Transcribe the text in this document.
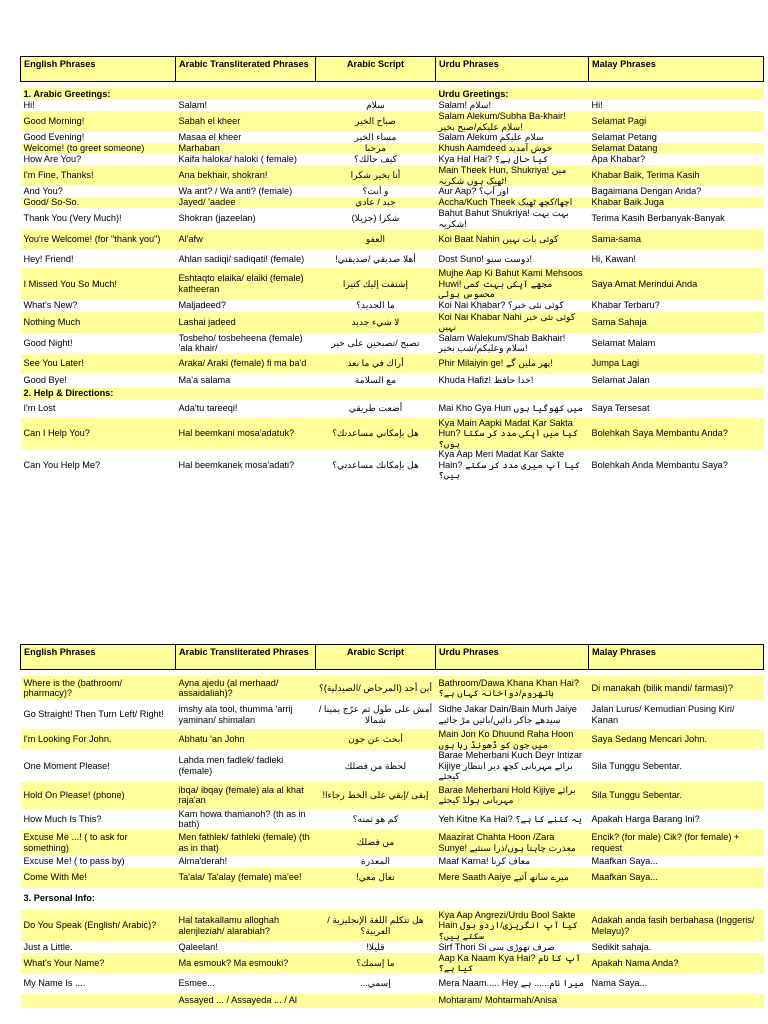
English Phrases	Arabic Transliterated Phrases	Arabic Script	Urdu Phrases	Malay Phrases

1. Arabic Greetings:			Urdu Greetings:	
Hi!	Salam!	سلام	Salam! سلام!	Hi!
Good Morning!	Sabah el kheer	صباح الخير	Salam Alekum/Subha Ba-khair! سلام علیکم/صبح بخیر!	Selamat Pagi
Good Evening!	Masaa el kheer	مساء الخير	Salam Alekum سلام علیکم	Selamat Petang
Welcome! (to greet someone)	Marhaban	مرحبا	Khush Aamdeed خوش آمدید	Selamat Datang
How Are You?	Kaifa haloka/ haloki ( female)	كيف حالك؟	Kya Hal Hai? کیا حال ہے؟	Apa Khabar?
I'm Fine, Thanks!	Ana bekhair, shokran!	أنا بخير شكرا	Main Theek Hun, Shukriya! میں ٹھیک ہوں شکریہ!	Khabar Baik, Terima Kasih
And You?	Wa ant? / Wa anti? (female)	و أنت؟	Aur Aap? اور آپ؟	Bagaimana Dengan Anda?
Good/ So-So.	Jayed/ 'aadee	جيد / عادي	Accha/Kuch Theek اچھا/کچھ ٹھیک	Khabar Baik Juga
Thank You (Very Much)!	Shokran (jazeelan)	شكرا (جزيلا)	Bahut Bahut Shukriya! بہت بہت شکریہ!	Terima Kasih Berbanyak-Banyak
You're Welcome! (for "thank you")	Al'afw	العفو	Koi Baat Nahin کوئی بات نہیں	Sama-sama
Hey! Friend!	Ahlan sadiqi/ sadiqati! (female)	أهلا صديقي /صديقتي!	Dost Suno! دوست سنو!	Hi, Kawan!
I Missed You So Much!	Eshtaqto elaika/ elaiki (female) katheeran	إشتقت إليك كثيرا	Mujhe Aap Ki Bahut Kami Mehsoos Huwi! مجھے آپکی بہت کمی محسوس ہوئی	Saya Amat Merindui Anda
What's New?	Maljadeed?	ما الجديد؟	Koi Nai Khabar? کوئی نئی خبر؟	Khabar Terbaru?
Nothing Much	Lashai jadeed	لا شيء جديد	Koi Nai Khabar Nahi کوئی نئی خبر نہیں	Sama Sahaja
Good Night!	Tosbeho/ tosbeheena (female) 'ala khair/	تصبح /تصبحين على خير	Salam Walekum/Shab Bakhair! سلام وعلیکم/شب بخیر!	Selamat Malam
See You Later!	Araka/ Araki (female) fi ma ba'd	أراك في ما بعد	Phir Milaiyin ge! پھر ملیں گے!	Jumpa Lagi
Good Bye!	Ma'a salama	مع السلامة	Khuda Hafiz! خدا حافظ!	Selamat Jalan
2. Help & Directions:				
I'm Lost	Ada'tu tareeqi!	أضعت طريقي	Mai Kho Gya Hun میں کھوگیا ہوں	Saya Tersesat
Can I Help You?	Hal beemkani mosa'adatuk?	هل بإمكاني مساعدتك؟	Kya Main Aapki Madat Kar Sakta Hun? کیا میں آپکی مدد کر سکتا ہوں؟	Bolehkah Saya Membantu Anda?
Can You Help Me?	Hal beemkanek mosa'adati?	هل بإمكانك مساعدتي؟	Kya Aap Meri Madat Kar Sakte Hain? کیا آپ میری مدد کر سکتے ہیں؟	Bolehkah Anda Membantu Saya?
English Phrases	Arabic Transliterated Phrases	Arabic Script	Urdu Phrases	Malay Phrases

Where is the (bathroom/ pharmacy)?	Ayna ajedu (al merhaad/ assaidaliah)?	أين أجد (المرحاض /الصيدلية)؟	Bathroom/Dawa Khana Khan Hai? باتھروم/دواخانہ کہاں ہے؟	Di manakah (bilik mandi/ farmasi)?
Go Straight! Then Turn Left/ Right!	imshy ala tool, thumma 'arrij yaminan/ shimalan	أمش على طول ثم عرّج يمينا / شمالا	Sidhe Jakar Dain/Bain Murh Jaiye سیدھے جاکر دائیں/بائیں مڑ جائیے	Jalan Lurus/ Kemudian Pusing Kiri/ Kanan
I'm Looking For John.	Abhatu 'an John	أبحث عن جون	Main Jon Ko Dhuund Raha Hoon میں جون کو ڈھونڈ رہا ہوں	Saya Sedang Mencari John.
One Moment Please!	Lahda men fadlek/ fadleki (female)	لحظة من فضلك	Barae Meherbani Kuch Deyr Intizar Kijiye برائے مہربانی کچھ دیر انتظار کیجئے	Sila Tunggu Sebentar.
Hold On Please! (phone)	ibqa/ ibqay (female) ala al khat raja'an	إبقى /إبقي على الخط رجاءا!	Barae Meherbani Hold Kijiye برائے مہربانی ہولڈ کیجئے	Sila Tunggu Sebentar.
How Much Is This?	Kam howa thamanoh? (th as in bath)	كم هو ثمنه؟	Yeh Kitne Ka Hai? یہ کتنے کا ہے؟	Apakah Harga Barang Ini?
Excuse Me ...! ( to ask for something)	Men fathlek/ fathleki (female) (th as in that)	من فضلك	Maazirat Chahta Hoon /Zara Sunye! معذرت چاہتا ہوں/ذرا سنئیے	Encik? (for male) Cik? (for female) + request
Excuse Me! ( to pass by)	Alma'derah!	المعذرة	Maaf Karna! معاف کرنا	Maafkan Saya...
Come With Me!	Ta'ala/ Ta'alay (female) ma'ee!	تعال معي!	Mere Saath Aaiye میرے ساتھ آئیے	Maafkan Saya...
3. Personal Info:				
Do You Speak (English/ Arabic)?	Hal tatakallamu alloghah alenjleziah/ alarabiah?	هل تتكلم اللغة الإنجليزية /العربية؟	Kya Aap Angrezi/Urdu Bool Sakte Hain کیا آپ انگریزی/اردو بول سکتے ہیں؟	Adakah anda fasih berbahasa (Inggeris/ Melayu)?
Just a Little.	Qaleelan!	قليلا!	Sirf Thori Si صرف تھوڑی سی	Sedikit sahaja.
What's Your Name?	Ma esmouk? Ma esmouki?	ما إسمك؟	Aap Ka Naam Kya Hai? آپ کا نام کیا ہے؟	Apakah Nama Anda?
My Name Is ....	Esmee...	إسمي...	Mera Naam..... Hey میرا نام...... ہے	Nama Saya...
	Assayed ... / Assayeda ... / Al		Mohtaram/ Mohtarmah/Anisa	
